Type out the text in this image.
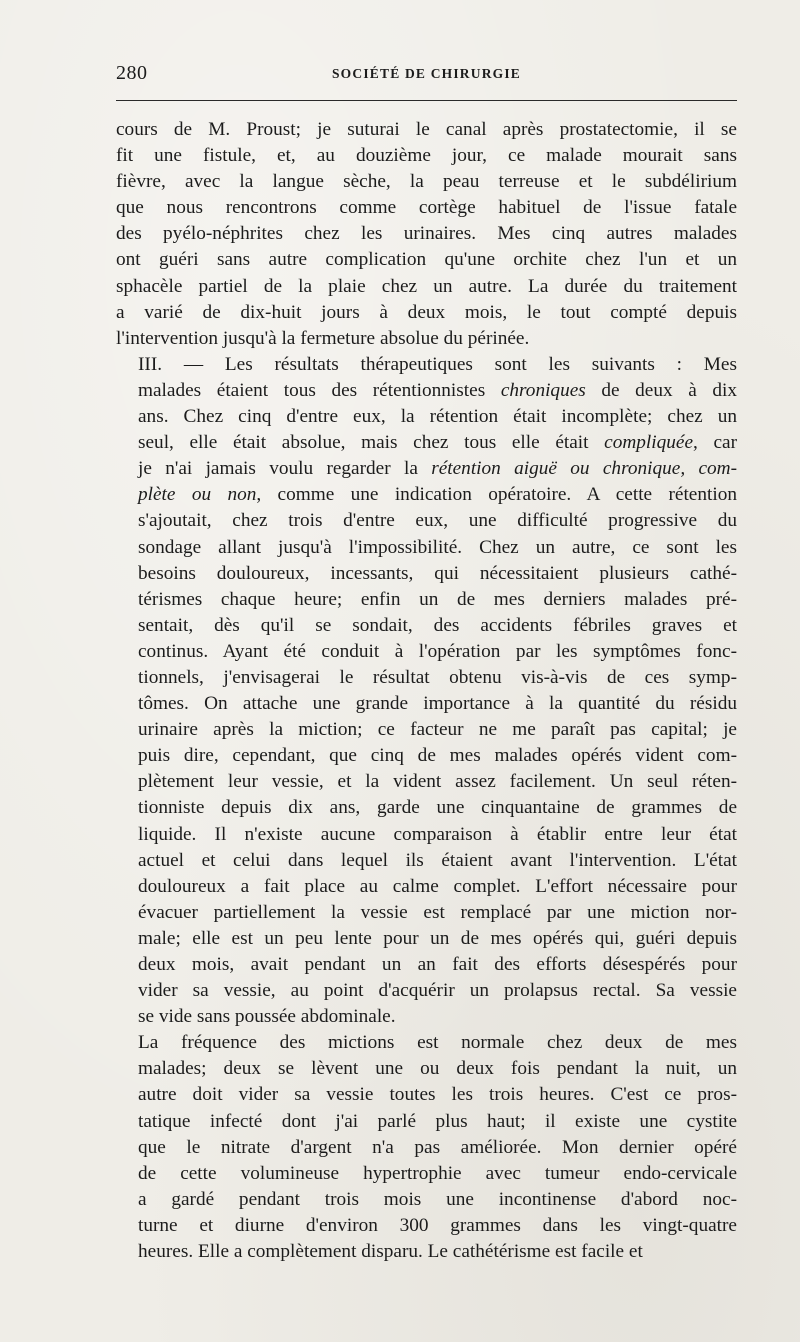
280	SOCIÉTÉ DE CHIRURGIE

cours de M. Proust; je suturai le canal après prostatectomie, il se
fit une fistule, et, au douzième jour, ce malade mourait sans
fièvre, avec la langue sèche, la peau terreuse et le subdélirium
que nous rencontrons comme cortège habituel de l'issue fatale
des pyélo-néphrites chez les urinaires. Mes cinq autres malades
ont guéri sans autre complication qu'une orchite chez l'un et un
sphacèle partiel de la plaie chez un autre. La durée du traitement
a varié de dix-huit jours à deux mois, le tout compté depuis
l'intervention jusqu'à la fermeture absolue du périnée.

III. — Les résultats thérapeutiques sont les suivants : Mes
malades étaient tous des rétentionnistes chroniques de deux à dix
ans. Chez cinq d'entre eux, la rétention était incomplète; chez un
seul, elle était absolue, mais chez tous elle était compliquée, car
je n'ai jamais voulu regarder la rétention aiguë ou chronique, com-
plète ou non, comme une indication opératoire. A cette rétention
s'ajoutait, chez trois d'entre eux, une difficulté progressive du
sondage allant jusqu'à l'impossibilité. Chez un autre, ce sont les
besoins douloureux, incessants, qui nécessitaient plusieurs cathé-
térismes chaque heure; enfin un de mes derniers malades pré-
sentait, dès qu'il se sondait, des accidents fébriles graves et
continus. Ayant été conduit à l'opération par les symptômes fonc-
tionnels, j'envisagerai le résultat obtenu vis-à-vis de ces symp-
tômes. On attache une grande importance à la quantité du résidu
urinaire après la miction; ce facteur ne me paraît pas capital; je
puis dire, cependant, que cinq de mes malades opérés vident com-
plètement leur vessie, et la vident assez facilement. Un seul réten-
tionniste depuis dix ans, garde une cinquantaine de grammes de
liquide. Il n'existe aucune comparaison à établir entre leur état
actuel et celui dans lequel ils étaient avant l'intervention. L'état
douloureux a fait place au calme complet. L'effort nécessaire pour
évacuer partiellement la vessie est remplacé par une miction nor-
male; elle est un peu lente pour un de mes opérés qui, guéri depuis
deux mois, avait pendant un an fait des efforts désespérés pour
vider sa vessie, au point d'acquérir un prolapsus rectal. Sa vessie
se vide sans poussée abdominale.

La fréquence des mictions est normale chez deux de mes
malades; deux se lèvent une ou deux fois pendant la nuit, un
autre doit vider sa vessie toutes les trois heures. C'est ce pros-
tatique infecté dont j'ai parlé plus haut; il existe une cystite
que le nitrate d'argent n'a pas améliorée. Mon dernier opéré
de cette volumineuse hypertrophie avec tumeur endo-cervicale
a gardé pendant trois mois une incontinense d'abord noc-
turne et diurne d'environ 300 grammes dans les vingt-quatre
heures. Elle a complètement disparu. Le cathétérisme est facile et
